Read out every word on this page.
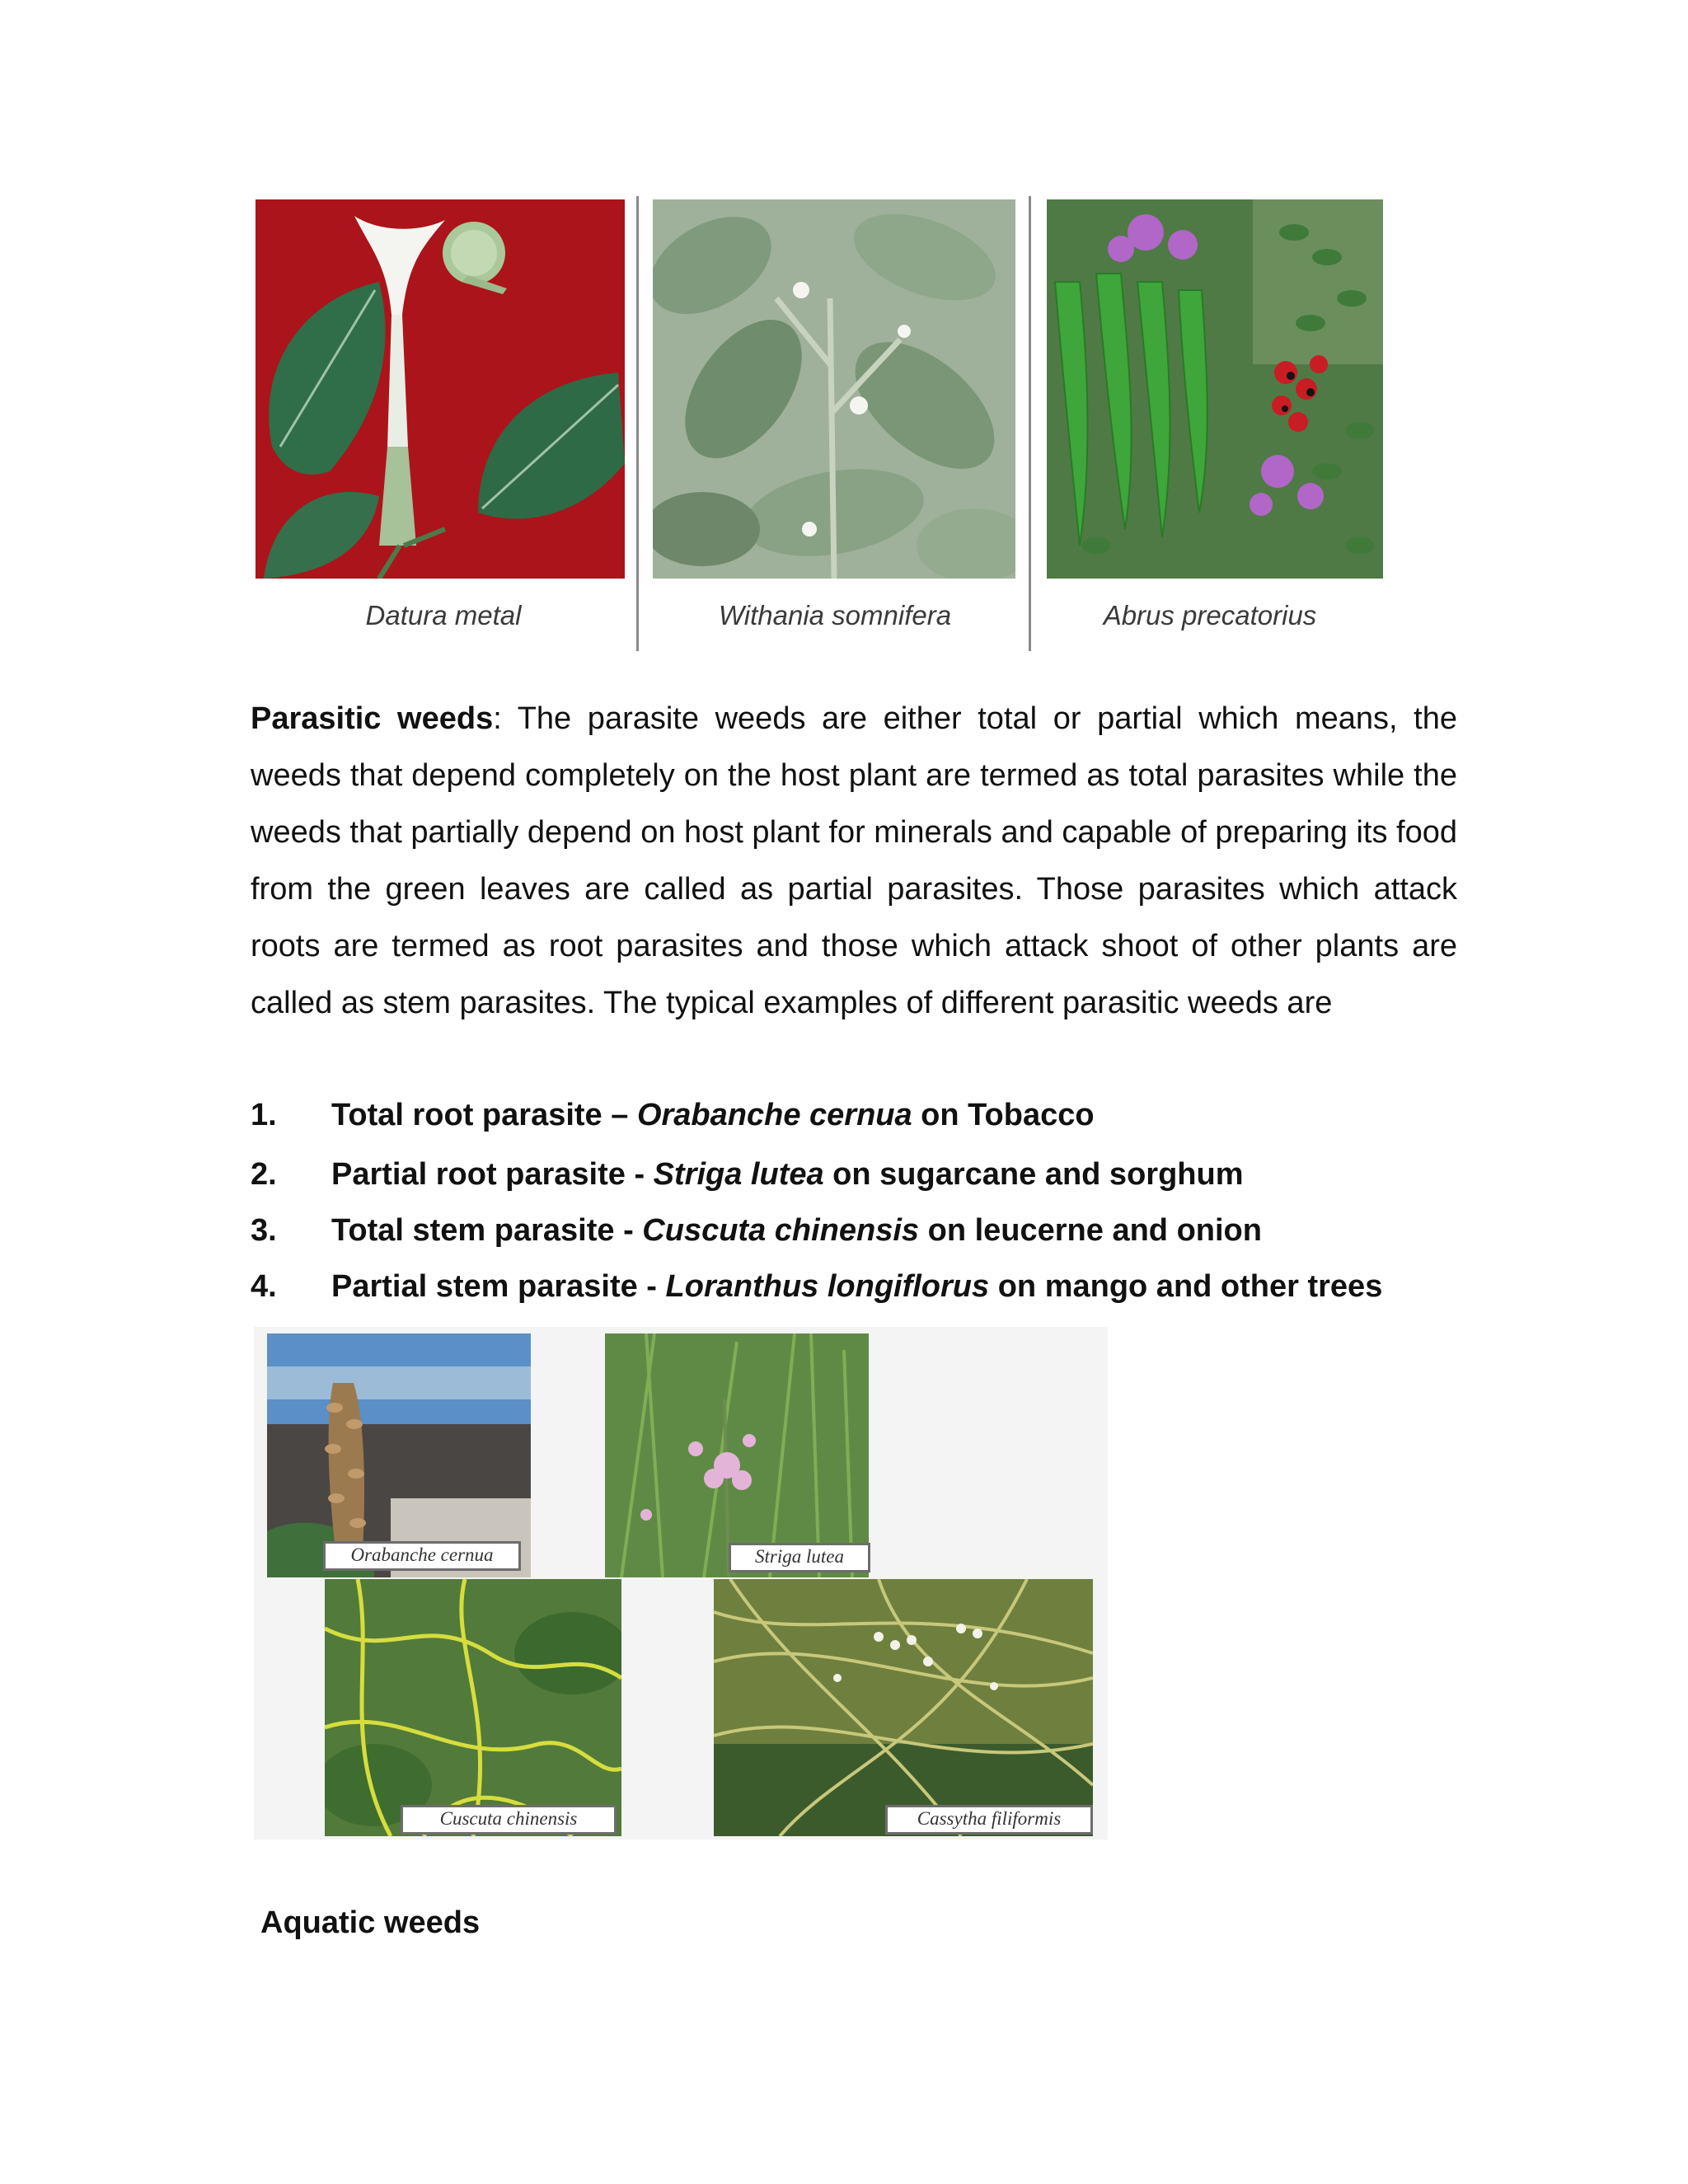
Datura metal	Withania somnifera	Abrus precatorius

Parasitic weeds: The parasite weeds are either total or partial which means, the weeds that depend completely on the host plant are termed as total parasites while the weeds that partially depend on host plant for minerals and capable of preparing its food from the green leaves are called as partial parasites. Those parasites which attack roots are termed as root parasites and those which attack shoot of other plants are called as stem parasites. The typical examples of different parasitic weeds are

1. Total root parasite – Orabanche cernua on Tobacco
2. Partial root parasite - Striga lutea on sugarcane and sorghum
3. Total stem parasite - Cuscuta chinensis on leucerne and onion
4. Partial stem parasite - Loranthus longiflorus on mango and other trees
Orabanche cernua	Striga lutea
Cuscuta chinensis	Cassytha filiformis
Aquatic weeds
